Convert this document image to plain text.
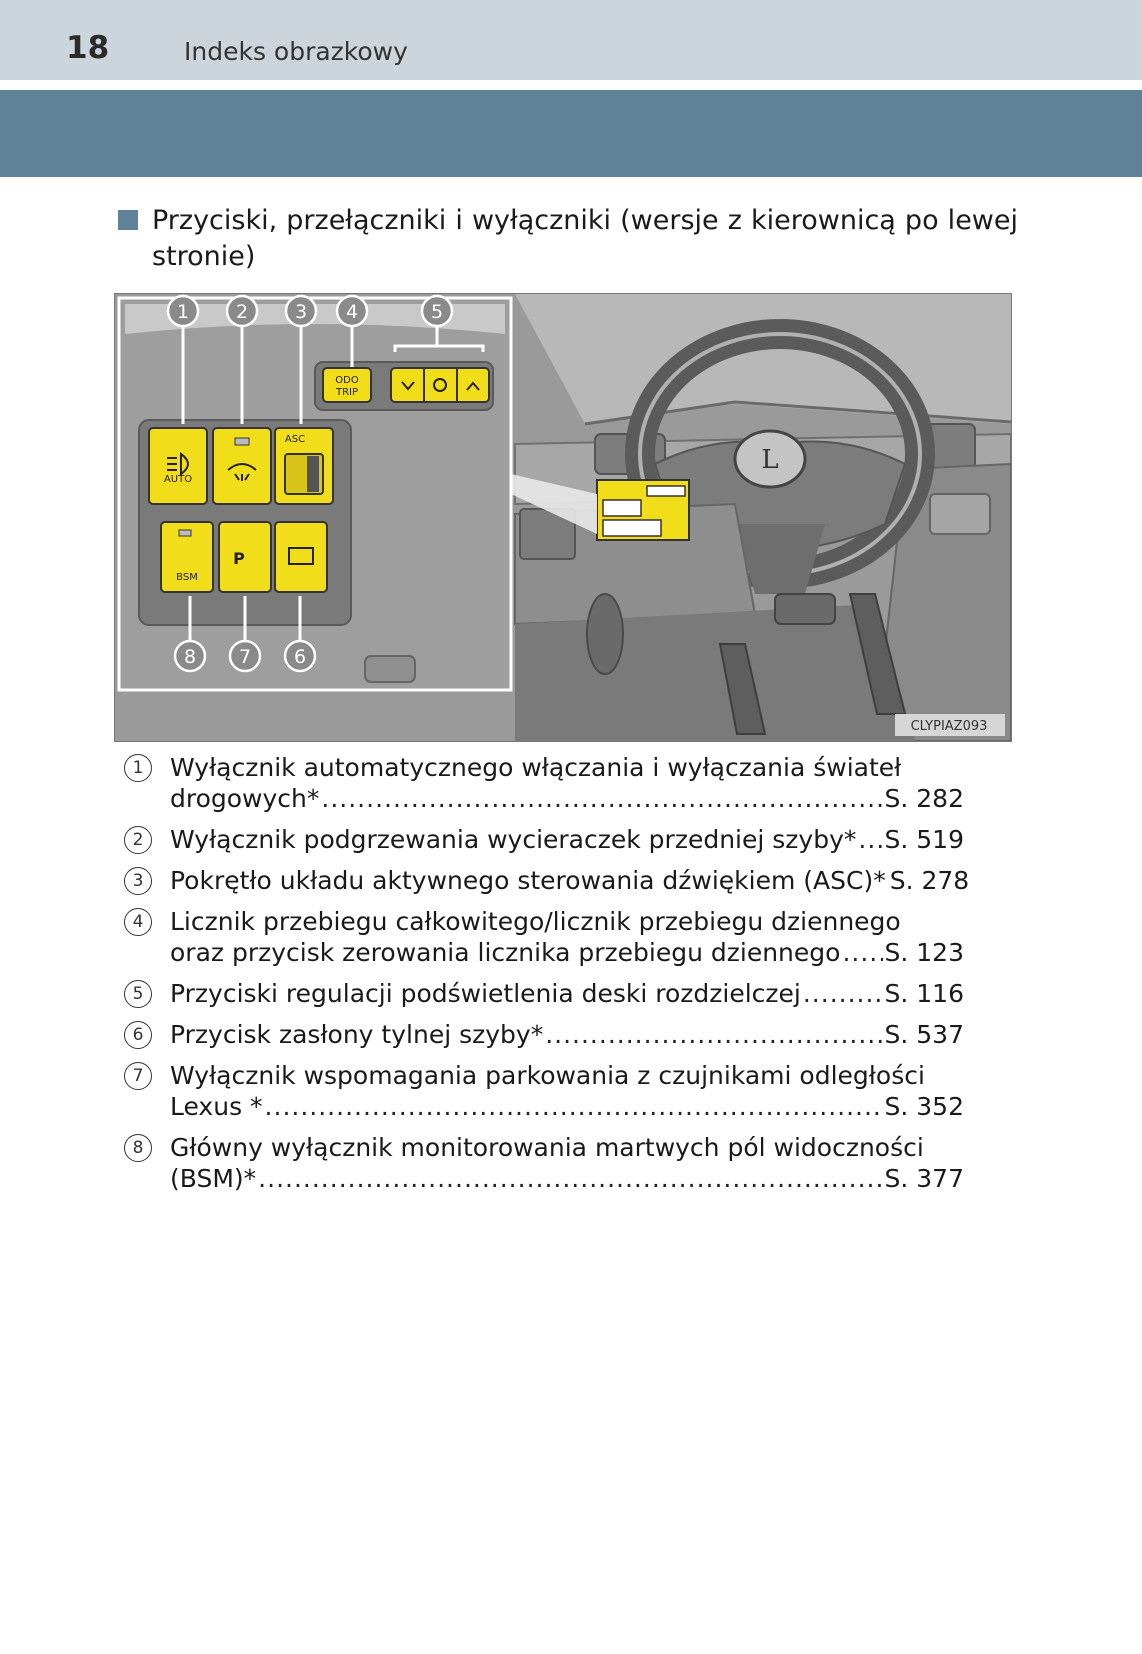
18	Indeks obrazkowy
Przyciski, przełączniki i wyłączniki (wersje z kierownicą po lewej stronie)
L
ODO
TRIP
AUTO
ASC
BSM
P
1 2 3 4	5
6
7
8
CLYPIAZ093
1	Wyłącznik automatycznego włączania i wyłączania świateł
drogowych* .....	S. 282
2	Wyłącznik podgrzewania wycieraczek przedniej szyby* ..... S. 519
3	Pokrętło układu aktywnego sterowania dźwiękiem (ASC)* S. 278
4	Licznik przebiegu całkowitego/licznik przebiegu dziennego
oraz przycisk zerowania licznika przebiegu dziennego ..... S. 123
5	Przyciski regulacji podświetlenia deski rozdzielczej .....	S. 116
6	Przycisk zasłony tylnej szyby* .....	S. 537
7	Wyłącznik wspomagania parkowania z czujnikami odległości
Lexus * .....	S. 352
8	Główny wyłącznik monitorowania martwych pól widoczności
(BSM)* .....	S. 377
